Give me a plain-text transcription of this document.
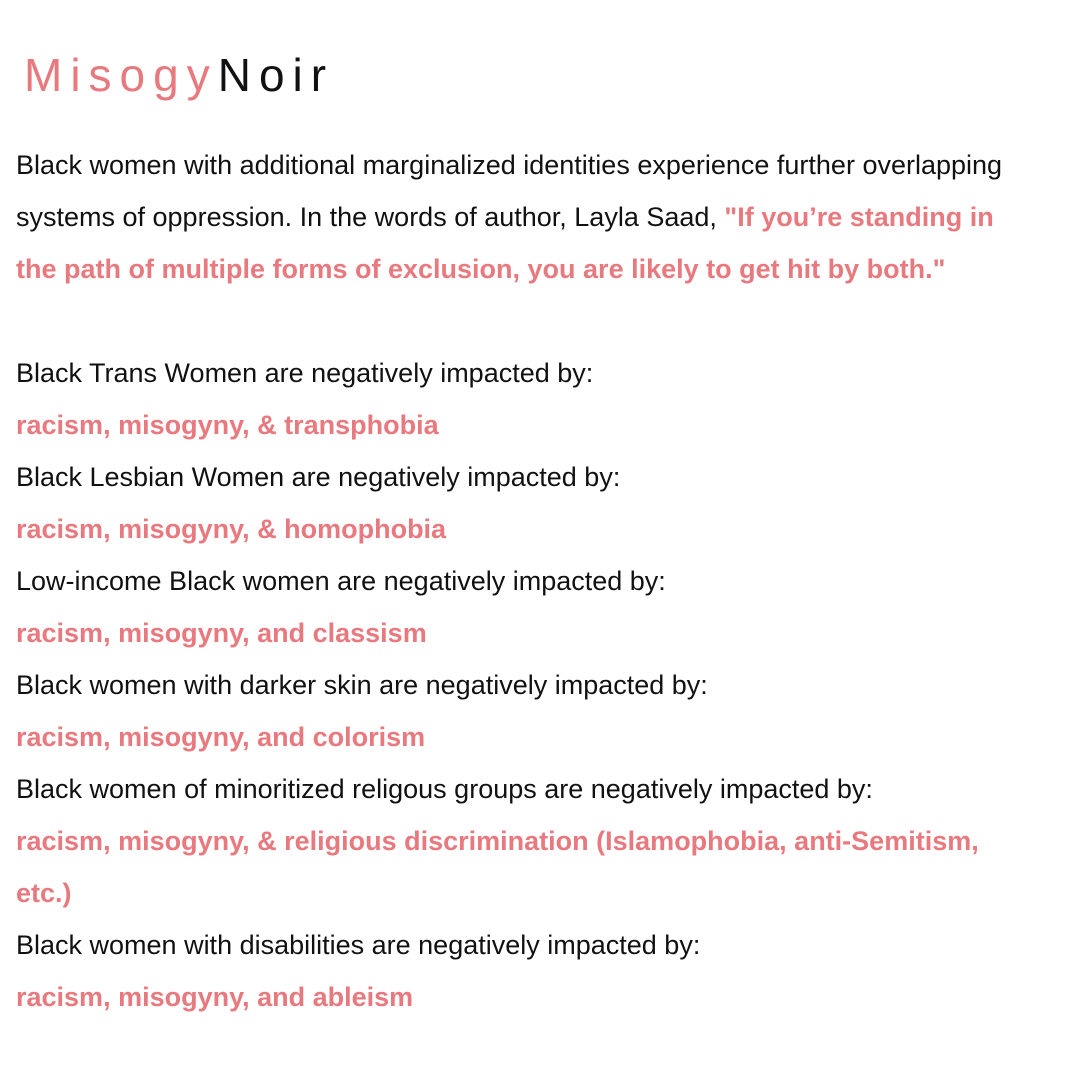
MisogyNoir
Black women with additional marginalized identities experience further overlapping
systems of oppression. In the words of author, Layla Saad, "If you’re standing in
the path of multiple forms of exclusion, you are likely to get hit by both."
Black Trans Women are negatively impacted by:
racism, misogyny, & transphobia
Black Lesbian Women are negatively impacted by:
racism, misogyny, & homophobia
Low-income Black women are negatively impacted by:
racism, misogyny, and classism
Black women with darker skin are negatively impacted by:
racism, misogyny, and colorism
Black women of minoritized religous groups are negatively impacted by:
racism, misogyny, & religious discrimination (Islamophobia, anti-Semitism,
etc.)
Black women with disabilities are negatively impacted by:
racism, misogyny, and ableism
